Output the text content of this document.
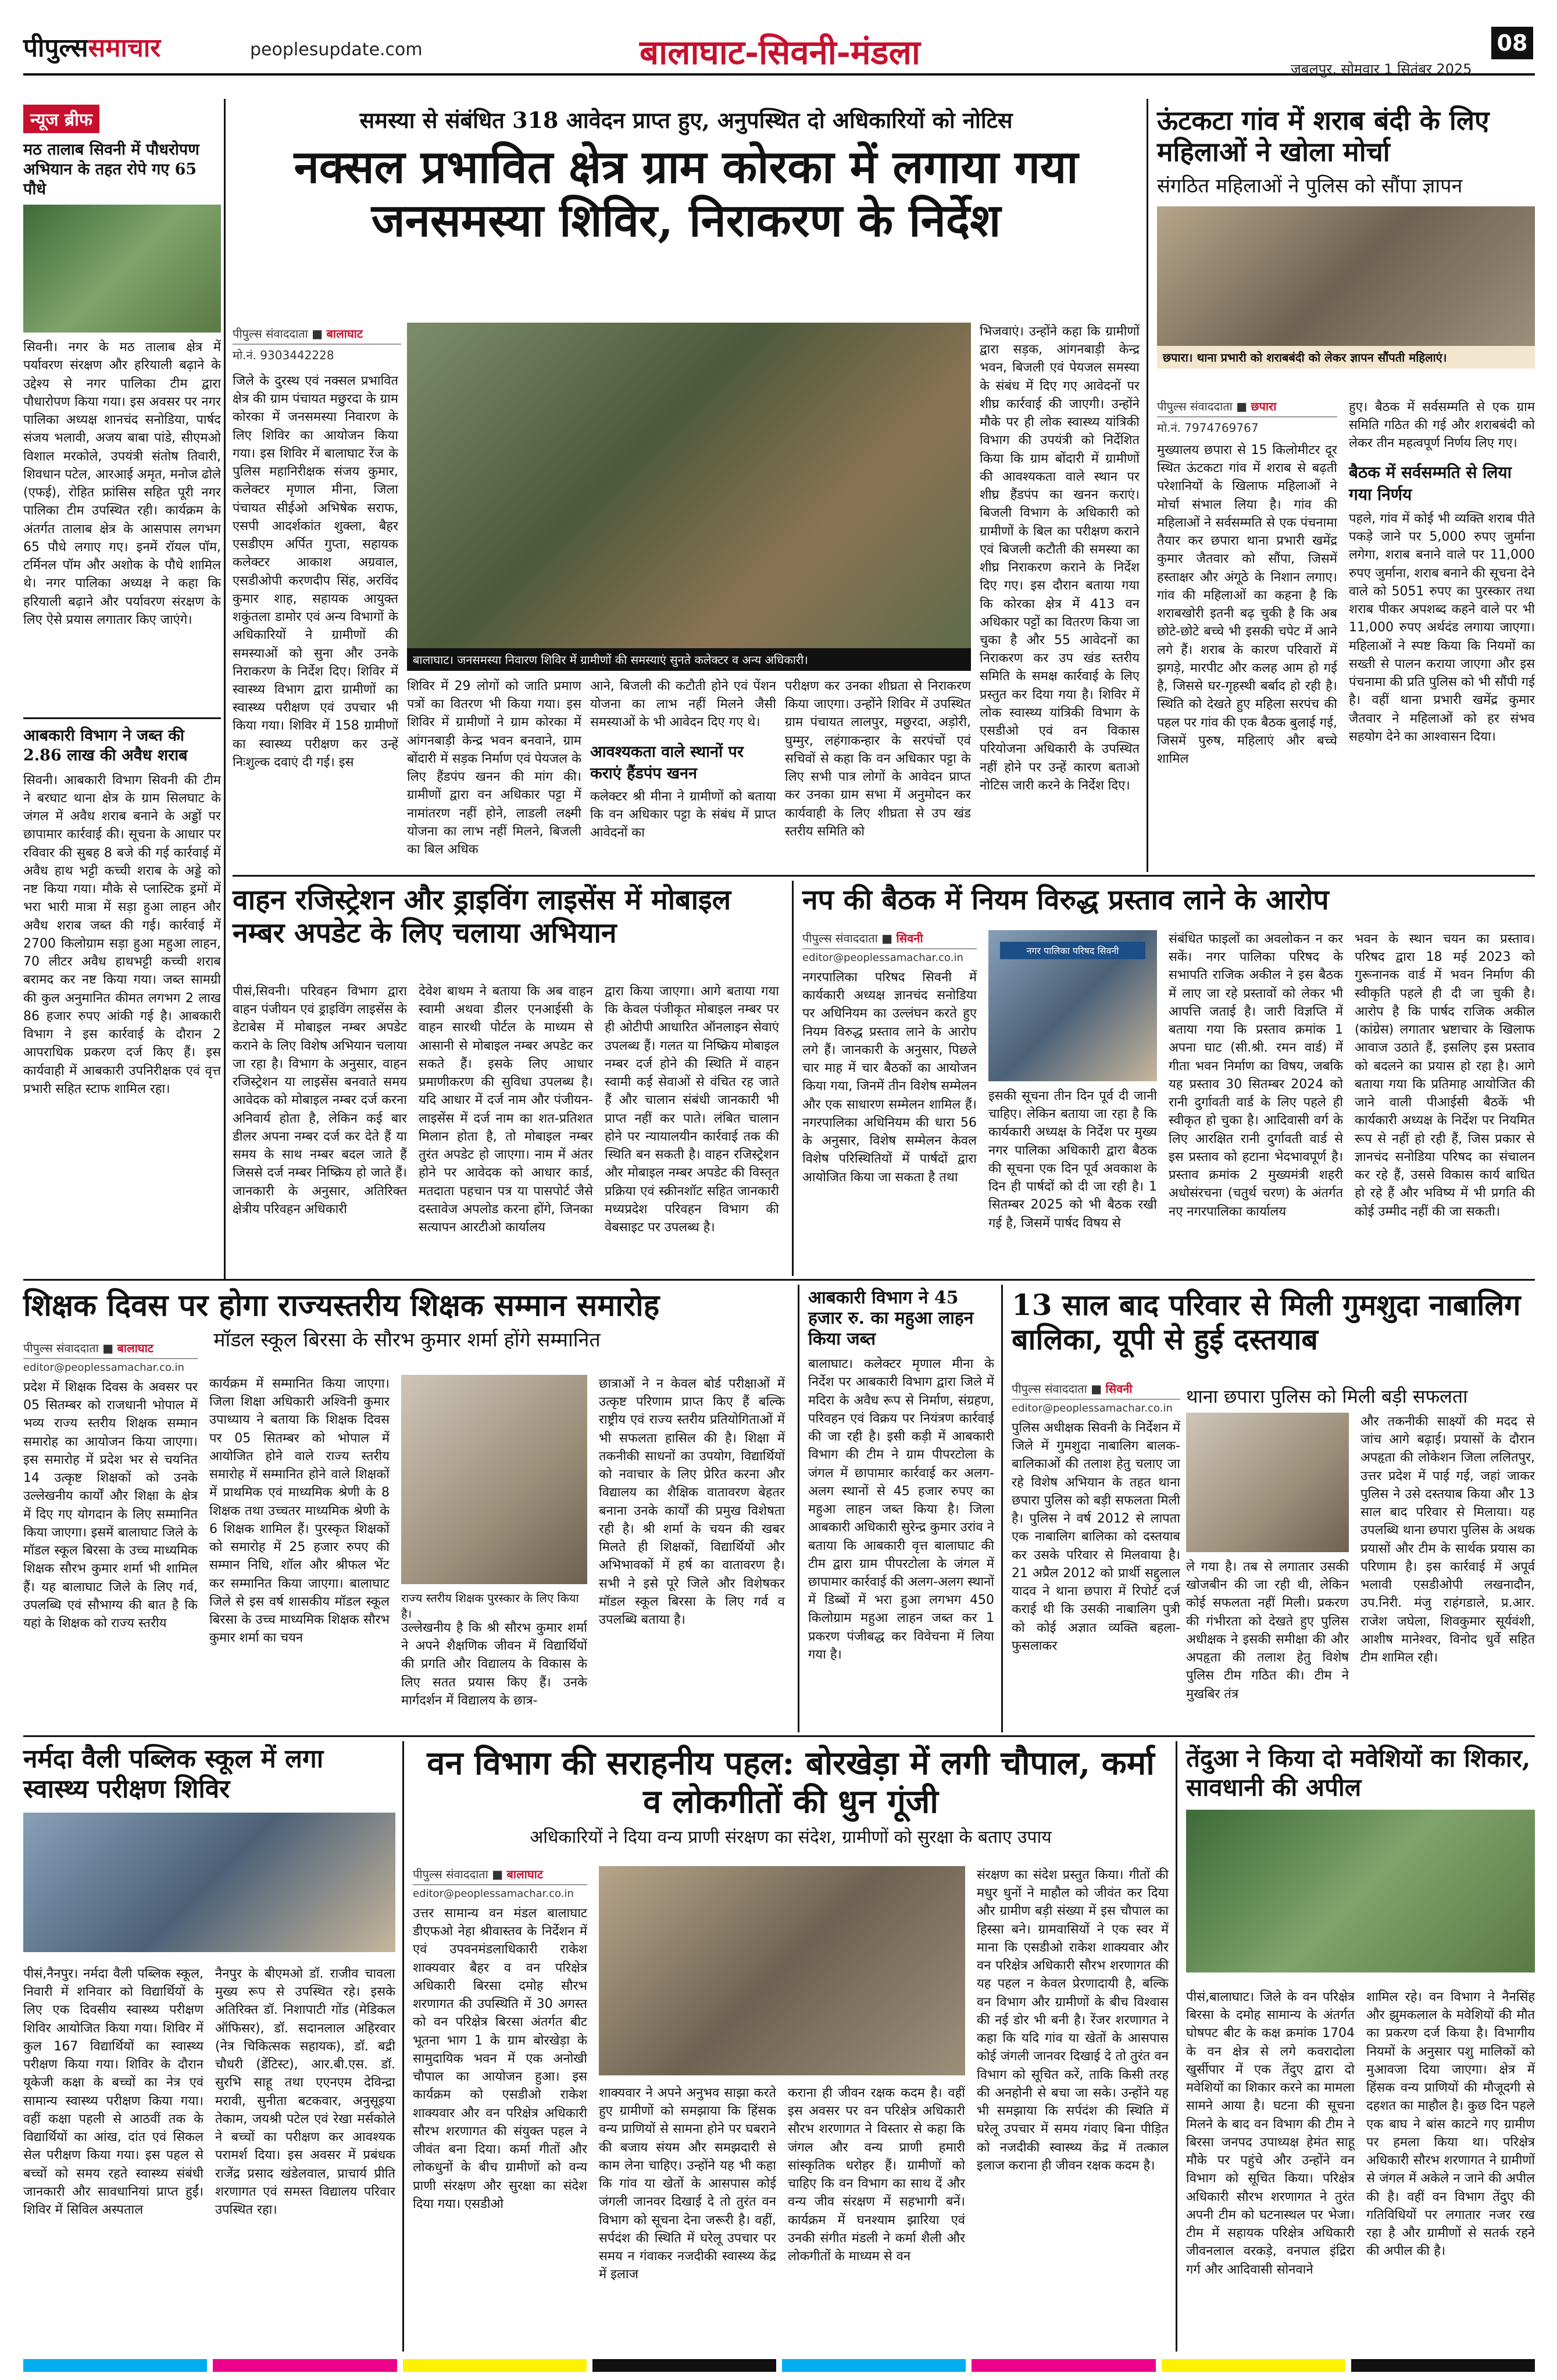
पीपुल्ससमाचार	peoplesupdate.com	बालाघाट-सिवनी-मंडला	जबलपुर, सोमवार 1 सितंबर 2025
08
न्यूज ब्रीफ
मठ तालाब सिवनी में पौधरोपण अभियान के तहत रोपे गए 65 पौधे
सिवनी। नगर के मठ तालाब क्षेत्र में पर्यावरण संरक्षण और हरियाली बढ़ाने के उद्देश्य से नगर पालिका टीम द्वारा पौधारोपण किया गया। इस अवसर पर नगर पालिका अध्यक्ष शानचंद सनोडिया, पार्षद संजय भलावी, अजय बाबा पांडे, सीएमओ विशाल मरकोले, उपयंत्री संतोष तिवारी, शिवधान पटेल, आरआई अमृत, मनोज ढोले (एफई), रोहित फ्रांसिस सहित पूरी नगर पालिका टीम उपस्थित रही। कार्यक्रम के अंतर्गत तालाब क्षेत्र के आसपास लगभग 65 पौधे लगाए गए। इनमें रॉयल पॉम, टर्मिनल पॉम और अशोक के पौधे शामिल थे। नगर पालिका अध्यक्ष ने कहा कि हरियाली बढ़ाने और पर्यावरण संरक्षण के लिए ऐसे प्रयास लगातार किए जाएंगे।
आबकारी विभाग ने जब्त की 2.86 लाख की अवैध शराब
सिवनी। आबकारी विभाग सिवनी की टीम ने बरघाट थाना क्षेत्र के ग्राम सिलघाट के जंगल में अवैध शराब बनाने के अड्डों पर छापामार कार्रवाई की। सूचना के आधार पर रविवार की सुबह 8 बजे की गई कार्रवाई में अवैध हाथ भट्टी कच्ची शराब के अड्डे को नष्ट किया गया। मौके से प्लास्टिक ड्रमों में भरा भारी मात्रा में सड़ा हुआ लाहन और अवैध शराब जब्त की गई। कार्रवाई में 2700 किलोग्राम सड़ा हुआ महुआ लाहन, 70 लीटर अवैध हाथभट्टी कच्ची शराब बरामद कर नष्ट किया गया। जब्त सामग्री की कुल अनुमानित कीमत लगभग 2 लाख 86 हजार रुपए आंकी गई है। आबकारी विभाग ने इस कार्रवाई के दौरान 2 आपराधिक प्रकरण दर्ज किए हैं। इस कार्यवाही में आबकारी उपनिरीक्षक एवं वृत्त प्रभारी सहित स्टाफ शामिल रहा।
समस्या से संबंधित 318 आवेदन प्राप्त हुए, अनुपस्थित दो अधिकारियों को नोटिस
नक्सल प्रभावित क्षेत्र ग्राम कोरका में लगाया गया जनसमस्या शिविर, निराकरण के निर्देश
पीपुल्स संवाददाता ■ बालाघाट
मो.नं. 9303442228
बालाघाट। जनसमस्या निवारण शिविर में ग्रामीणों की समस्याएं सुनते कलेक्टर व अन्य अधिकारी।
जिले के दुरस्थ एवं नक्सल प्रभावित क्षेत्र की ग्राम पंचायत मछुरदा के ग्राम कोरका में जनसमस्या निवारण के लिए शिविर का आयोजन किया गया। इस शिविर में बालाघाट रेंज के पुलिस महानिरीक्षक संजय कुमार, कलेक्टर मृणाल मीना, जिला पंचायत सीईओ अभिषेक सराफ, एसपी आदर्शकांत शुक्ला, बैहर एसडीएम अर्पित गुप्ता, सहायक कलेक्टर आकाश अग्रवाल, एसडीओपी करणदीप सिंह, अरविंद कुमार शाह, सहायक आयुक्त शकुंतला डामोर एवं अन्य विभागों के अधिकारियों ने ग्रामीणों की समस्याओं को सुना और उनके निराकरण के निर्देश दिए। शिविर में स्वास्थ्य विभाग द्वारा ग्रामीणों का स्वास्थ्य परीक्षण एवं उपचार भी किया गया। शिविर में 158 ग्रामीणों का स्वास्थ्य परीक्षण कर उन्हें निःशुल्क दवाएं दी गई। इस
शिविर में 29 लोगों को जाति प्रमाण पत्रों का वितरण भी किया गया। इस शिविर में ग्रामीणों ने ग्राम कोरका में आंगनबाड़ी केन्द्र भवन बनवाने, ग्राम बोंदारी में सड़क निर्माण एवं पेयजल के लिए हैंडपंप खनन की मांग की। ग्रामीणों द्वारा वन अधिकार पट्टा में नामांतरण नहीं होने, लाडली लक्ष्मी योजना का लाभ नहीं मिलने, बिजली का बिल अधिक
आने, बिजली की कटौती होने एवं पेंशन योजना का लाभ नहीं मिलने जैसी समस्याओं के भी आवेदन दिए गए थे।
आवश्यकता वाले स्थानों पर कराएं हैंडपंप खनन
कलेक्टर श्री मीना ने ग्रामीणों को बताया कि वन अधिकार पट्टा के संबंध में प्राप्त आवेदनों का
परीक्षण कर उनका शीघ्रता से निराकरण किया जाएगा। उन्होंने शिविर में उपस्थित ग्राम पंचायत लालपुर, मछुरदा, अड़ोरी, घुम्मुर, लहंगाकन्हार के सरपंचों एवं सचिवों से कहा कि वन अधिकार पट्टा के लिए सभी पात्र लोगों के आवेदन प्राप्त कर उनका ग्राम सभा में अनुमोदन कर कार्यवाही के लिए शीघ्रता से उप खंड स्तरीय समिति को
भिजवाएं। उन्होंने कहा कि ग्रामीणों द्वारा सड़क, आंगनबाड़ी केन्द्र भवन, बिजली एवं पेयजल समस्या के संबंध में दिए गए आवेदनों पर शीघ्र कार्रवाई की जाएगी। उन्होंने मौके पर ही लोक स्वास्थ्य यांत्रिकी विभाग की उपयंत्री को निर्देशित किया कि ग्राम बोंदारी में ग्रामीणों की आवश्यकता वाले स्थान पर शीघ्र हैंडपंप का खनन कराएं। बिजली विभाग के अधिकारी को ग्रामीणों के बिल का परीक्षण कराने एवं बिजली कटौती की समस्या का शीघ्र निराकरण कराने के निर्देश दिए गए। इस दौरान बताया गया कि कोरका क्षेत्र में 413 वन अधिकार पट्टों का वितरण किया जा चुका है और 55 आवेदनों का निराकरण कर उप खंड स्तरीय समिति के समक्ष कार्रवाई के लिए प्रस्तुत कर दिया गया है। शिविर में लोक स्वास्थ्य यांत्रिकी विभाग के एसडीओ एवं वन विकास परियोजना अधिकारी के उपस्थित नहीं होने पर उन्हें कारण बताओ नोटिस जारी करने के निर्देश दिए।
ऊंटकटा गांव में शराब बंदी के लिए महिलाओं ने खोला मोर्चा
संगठित महिलाओं ने पुलिस को सौंपा ज्ञापन
छपारा। थाना प्रभारी को शराबबंदी को लेकर ज्ञापन सौंपती महिलाएं।
पीपुल्स संवाददाता ■ छपारा
मो.नं. 7974769767
मुख्यालय छपारा से 15 किलोमीटर दूर स्थित ऊंटकटा गांव में शराब से बढ़ती परेशानियों के खिलाफ महिलाओं ने मोर्चा संभाल लिया है। गांव की महिलाओं ने सर्वसम्मति से एक पंचनामा तैयार कर छपारा थाना प्रभारी खमेंद्र कुमार जैतवार को सौंपा, जिसमें हस्ताक्षर और अंगूठे के निशान लगाए। गांव की महिलाओं का कहना है कि शराबखोरी इतनी बढ़ चुकी है कि अब छोटे-छोटे बच्चे भी इसकी चपेट में आने लगे हैं। शराब के कारण परिवारों में झगड़े, मारपीट और कलह आम हो गई है, जिससे घर-गृहस्थी बर्बाद हो रही है। स्थिति को देखते हुए महिला सरपंच की पहल पर गांव की एक बैठक बुलाई गई, जिसमें पुरुष, महिलाएं और बच्चे शामिल
हुए। बैठक में सर्वसम्मति से एक ग्राम समिति गठित की गई और शराबबंदी को लेकर तीन महत्वपूर्ण निर्णय लिए गए।
बैठक में सर्वसम्मति से लिया गया निर्णय
पहले, गांव में कोई भी व्यक्ति शराब पीते पकड़े जाने पर 5,000 रुपए जुर्माना लगेगा, शराब बनाने वाले पर 11,000 रुपए जुर्माना, शराब बनाने की सूचना देने वाले को 5051 रुपए का पुरस्कार तथा शराब पीकर अपशब्द कहने वाले पर भी 11,000 रुपए अर्थदंड लगाया जाएगा। महिलाओं ने स्पष्ट किया कि नियमों का सख्ती से पालन कराया जाएगा और इस पंचनामा की प्रति पुलिस को भी सौंपी गई है। वहीं थाना प्रभारी खमेंद्र कुमार जैतवार ने महिलाओं को हर संभव सहयोग देने का आश्वासन दिया।
वाहन रजिस्ट्रेशन और ड्राइविंग लाइसेंस में मोबाइल नम्बर अपडेट के लिए चलाया अभियान
पीसं,सिवनी। परिवहन विभाग द्वारा वाहन पंजीयन एवं ड्राइविंग लाइसेंस के डेटाबेस में मोबाइल नम्बर अपडेट कराने के लिए विशेष अभियान चलाया जा रहा है। विभाग के अनुसार, वाहन रजिस्ट्रेशन या लाइसेंस बनवाते समय आवेदक को मोबाइल नम्बर दर्ज करना अनिवार्य होता है, लेकिन कई बार डीलर अपना नम्बर दर्ज कर देते हैं या समय के साथ नम्बर बदल जाते हैं जिससे दर्ज नम्बर निष्क्रिय हो जाते हैं। जानकारी के अनुसार, अतिरिक्त क्षेत्रीय परिवहन अधिकारी
देवेश बाथम ने बताया कि अब वाहन स्वामी अथवा डीलर एनआईसी के वाहन सारथी पोर्टल के माध्यम से आसानी से मोबाइल नम्बर अपडेट कर सकते हैं। इसके लिए आधार प्रमाणीकरण की सुविधा उपलब्ध है। यदि आधार में दर्ज नाम और पंजीयन-लाइसेंस में दर्ज नाम का शत-प्रतिशत मिलान होता है, तो मोबाइल नम्बर तुरंत अपडेट हो जाएगा। नाम में अंतर होने पर आवेदक को आधार कार्ड, मतदाता पहचान पत्र या पासपोर्ट जैसे दस्तावेज अपलोड करना होंगे, जिनका सत्यापन आरटीओ कार्यालय
द्वारा किया जाएगा। आगे बताया गया कि केवल पंजीकृत मोबाइल नम्बर पर ही ओटीपी आधारित ऑनलाइन सेवाएं उपलब्ध हैं। गलत या निष्क्रिय मोबाइल नम्बर दर्ज होने की स्थिति में वाहन स्वामी कई सेवाओं से वंचित रह जाते हैं और चालान संबंधी जानकारी भी प्राप्त नहीं कर पाते। लंबित चालान होने पर न्यायालयीन कार्रवाई तक की स्थिति बन सकती है। वाहन रजिस्ट्रेशन और मोबाइल नम्बर अपडेट की विस्तृत प्रक्रिया एवं स्क्रीनशॉट सहित जानकारी मध्यप्रदेश परिवहन विभाग की वेबसाइट पर उपलब्ध है।
नप की बैठक में नियम विरुद्ध प्रस्ताव लाने के आरोप
पीपुल्स संवाददाता ■ सिवनी
editor@peoplessamachar.co.in
नगरपालिका परिषद सिवनी में कार्यकारी अध्यक्ष ज्ञानचंद सनोडिया पर अधिनियम का उल्लंघन करते हुए नियम विरुद्ध प्रस्ताव लाने के आरोप लगे हैं। जानकारी के अनुसार, पिछले चार माह में चार बैठकों का आयोजन किया गया, जिनमें तीन विशेष सम्मेलन और एक साधारण सम्मेलन शामिल हैं। नगरपालिका अधिनियम की धारा 56 के अनुसार, विशेष सम्मेलन केवल विशेष परिस्थितियों में पार्षदों द्वारा आयोजित किया जा सकता है तथा
नगर पालिका परिषद सिवनी
इसकी सूचना तीन दिन पूर्व दी जानी चाहिए। लेकिन बताया जा रहा है कि कार्यकारी अध्यक्ष के निर्देश पर मुख्य नगर पालिका अधिकारी द्वारा बैठक की सूचना एक दिन पूर्व अवकाश के दिन ही पार्षदों को दी जा रही है। 1 सितम्बर 2025 को भी बैठक रखी गई है, जिसमें पार्षद विषय से
संबंधित फाइलों का अवलोकन न कर सकें। नगर पालिका परिषद के सभापति राजिक अकील ने इस बैठक में लाए जा रहे प्रस्तावों को लेकर भी आपत्ति जताई है। जारी विज्ञप्ति में बताया गया कि प्रस्ताव क्रमांक 1 अपना घाट (सी.श्री. रमन वार्ड) में गीता भवन निर्माण का विषय, जबकि यह प्रस्ताव 30 सितम्बर 2024 को रानी दुर्गावती वार्ड के लिए पहले ही स्वीकृत हो चुका है। आदिवासी वर्ग के लिए आरक्षित रानी दुर्गावती वार्ड से इस प्रस्ताव को हटाना भेदभावपूर्ण है। प्रस्ताव क्रमांक 2 मुख्यमंत्री शहरी अधोसंरचना (चतुर्थ चरण) के अंतर्गत नए नगरपालिका कार्यालय
भवन के स्थान चयन का प्रस्ताव। परिषद द्वारा 18 मई 2023 को गुरूनानक वार्ड में भवन निर्माण की स्वीकृति पहले ही दी जा चुकी है। आरोप है कि पार्षद राजिक अकील (कांग्रेस) लगातार भ्रष्टाचार के खिलाफ आवाज उठाते हैं, इसलिए इस प्रस्ताव को बदलने का प्रयास हो रहा है। आगे बताया गया कि प्रतिमाह आयोजित की जाने वाली पीआईसी बैठकें भी कार्यकारी अध्यक्ष के निर्देश पर नियमित रूप से नहीं हो रही हैं, जिस प्रकार से ज्ञानचंद सनोडिया परिषद का संचालन कर रहे हैं, उससे विकास कार्य बाधित हो रहे हैं और भविष्य में भी प्रगति की कोई उम्मीद नहीं की जा सकती।
शिक्षक दिवस पर होगा राज्यस्तरीय शिक्षक सम्मान समारोह
मॉडल स्कूल बिरसा के सौरभ कुमार शर्मा होंगे सम्मानित
पीपुल्स संवाददाता ■ बालाघाट
editor@peoplessamachar.co.in
प्रदेश में शिक्षक दिवस के अवसर पर 05 सितम्बर को राजधानी भोपाल में भव्य राज्य स्तरीय शिक्षक सम्मान समारोह का आयोजन किया जाएगा। इस समारोह में प्रदेश भर से चयनित 14 उत्कृष्ट शिक्षकों को उनके उल्लेखनीय कार्यों और शिक्षा के क्षेत्र में दिए गए योगदान के लिए सम्मानित किया जाएगा। इसमें बालाघाट जिले के मॉडल स्कूल बिरसा के उच्च माध्यमिक शिक्षक सौरभ कुमार शर्मा भी शामिल हैं। यह बालाघाट जिले के लिए गर्व, उपलब्धि एवं सौभाग्य की बात है कि यहां के शिक्षक को राज्य स्तरीय
कार्यक्रम में सम्मानित किया जाएगा। जिला शिक्षा अधिकारी अश्विनी कुमार उपाध्याय ने बताया कि शिक्षक दिवस पर 05 सितम्बर को भोपाल में आयोजित होने वाले राज्य स्तरीय समारोह में सम्मानित होने वाले शिक्षकों में प्राथमिक एवं माध्यमिक श्रेणी के 8 शिक्षक तथा उच्चतर माध्यमिक श्रेणी के 6 शिक्षक शामिल हैं। पुरस्कृत शिक्षकों को समारोह में 25 हजार रुपए की सम्मान निधि, शॉल और श्रीफल भेंट कर सम्मानित किया जाएगा। बालाघाट जिले से इस वर्ष शासकीय मॉडल स्कूल बिरसा के उच्च माध्यमिक शिक्षक सौरभ कुमार शर्मा का चयन
राज्य स्तरीय शिक्षक पुरस्कार के लिए किया है।
उल्लेखनीय है कि श्री सौरभ कुमार शर्मा ने अपने शैक्षणिक जीवन में विद्यार्थियों की प्रगति और विद्यालय के विकास के लिए सतत प्रयास किए हैं। उनके मार्गदर्शन में विद्यालय के छात्र-
छात्राओं ने न केवल बोर्ड परीक्षाओं में उत्कृष्ट परिणाम प्राप्त किए हैं बल्कि राष्ट्रीय एवं राज्य स्तरीय प्रतियोगिताओं में भी सफलता हासिल की है। शिक्षा में तकनीकी साधनों का उपयोग, विद्यार्थियों को नवाचार के लिए प्रेरित करना और विद्यालय का शैक्षिक वातावरण बेहतर बनाना उनके कार्यों की प्रमुख विशेषता रही है। श्री शर्मा के चयन की खबर मिलते ही शिक्षकों, विद्यार्थियों और अभिभावकों में हर्ष का वातावरण है। सभी ने इसे पूरे जिले और विशेषकर मॉडल स्कूल बिरसा के लिए गर्व व उपलब्धि बताया है।
आबकारी विभाग ने 45 हजार रु. का महुआ लाहन किया जब्त
बालाघाट। कलेक्टर मृणाल मीना के निर्देश पर आबकारी विभाग द्वारा जिले में मदिरा के अवैध रूप से निर्माण, संग्रहण, परिवहन एवं विक्रय पर नियंत्रण कार्रवाई की जा रही है। इसी कड़ी में आबकारी विभाग की टीम ने ग्राम पीपरटोला के जंगल में छापामार कार्रवाई कर अलग-अलग स्थानों से 45 हजार रुपए का महुआ लाहन जब्त किया है। जिला आबकारी अधिकारी सुरेन्द्र कुमार उरांव ने बताया कि आबकारी वृत्त बालाघाट की टीम द्वारा ग्राम पीपरटोला के जंगल में छापामार कार्रवाई की अलग-अलग स्थानों में डिब्बों में भरा हुआ लगभग 450 किलोग्राम महुआ लाहन जब्त कर 1 प्रकरण पंजीबद्ध कर विवेचना में लिया गया है।
13 साल बाद परिवार से मिली गुमशुदा नाबालिग बालिका, यूपी से हुई दस्तयाब
पीपुल्स संवाददाता ■ सिवनी
editor@peoplessamachar.co.in
पुलिस अधीक्षक सिवनी के निर्देशन में जिले में गुमशुदा नाबालिग बालक-बालिकाओं की तलाश हेतु चलाए जा रहे विशेष अभियान के तहत थाना छपारा पुलिस को बड़ी सफलता मिली है। पुलिस ने वर्ष 2012 से लापता एक नाबालिग बालिका को दस्तयाब कर उसके परिवार से मिलवाया है। 21 अप्रैल 2012 को प्रार्थी सद्दुलाल यादव ने थाना छपारा में रिपोर्ट दर्ज कराई थी कि उसकी नाबालिग पुत्री को कोई अज्ञात व्यक्ति बहला-फुसलाकर
थाना छपारा पुलिस को मिली बड़ी सफलता
ले गया है। तब से लगातार उसकी खोजबीन की जा रही थी, लेकिन कोई सफलता नहीं मिली। प्रकरण की गंभीरता को देखते हुए पुलिस अधीक्षक ने इसकी समीक्षा की और अपहृता की तलाश हेतु विशेष पुलिस टीम गठित की। टीम ने मुखबिर तंत्र
और तकनीकी साक्ष्यों की मदद से जांच आगे बढ़ाई। प्रयासों के दौरान अपहृता की लोकेशन जिला ललितपुर, उत्तर प्रदेश में पाई गई, जहां जाकर पुलिस ने उसे दस्तयाब किया और 13 साल बाद परिवार से मिलाया। यह उपलब्धि थाना छपारा पुलिस के अथक प्रयासों और टीम के सार्थक प्रयास का परिणाम है। इस कार्रवाई में अपूर्व भलावी एसडीओपी लखनादौन, उप.निरी. मंजु राहंगडाले, प्र.आर. राजेश जघेला, शिवकुमार सूर्यवंशी, आशीष मानेश्वर, विनोद धुर्वे सहित टीम शामिल रही।
नर्मदा वैली पब्लिक स्कूल में लगा स्वास्थ्य परीक्षण शिविर
पीसं,नैनपुर। नर्मदा वैली पब्लिक स्कूल, निवारी में शनिवार को विद्यार्थियों के लिए एक दिवसीय स्वास्थ्य परीक्षण शिविर आयोजित किया गया। शिविर में कुल 167 विद्यार्थियों का स्वास्थ्य परीक्षण किया गया। शिविर के दौरान यूकेजी कक्षा के बच्चों का नेत्र एवं सामान्य स्वास्थ्य परीक्षण किया गया। वहीं कक्षा पहली से आठवीं तक के विद्यार्थियों का आंख, दांत एवं सिकल सेल परीक्षण किया गया। इस पहल से बच्चों को समय रहते स्वास्थ्य संबंधी जानकारी और सावधानियां प्राप्त हुईं। शिविर में सिविल अस्पताल
नैनपुर के बीएमओ डॉ. राजीव चावला मुख्य रूप से उपस्थित रहे। इसके अतिरिक्त डॉ. निशापाटी गोंड (मेडिकल ऑफिसर), डॉ. सदानलाल अहिरवार (नेत्र चिकित्सक सहायक), डॉ. बद्री चौधरी (डेंटिस्ट), आर.बी.एस. डॉ. सुरभि साहू तथा एएनएम देविन्द्रा मरावी, सुनीता बटकवार, अनुसूइया तेकाम, जयश्री पटेल एवं रेखा मर्सकोले ने बच्चों का परीक्षण कर आवश्यक परामर्श दिया। इस अवसर में प्रबंधक राजेंद्र प्रसाद खंडेलवाल, प्राचार्य प्रीति शरणागत एवं समस्त विद्यालय परिवार उपस्थित रहा।
वन विभाग की सराहनीय पहल: बोरखेड़ा में लगी चौपाल, कर्मा व लोकगीतों की धुन गूंजी
अधिकारियों ने दिया वन्य प्राणी संरक्षण का संदेश, ग्रामीणों को सुरक्षा के बताए उपाय
पीपुल्स संवाददाता ■ बालाघाट
editor@peoplessamachar.co.in
उत्तर सामान्य वन मंडल बालाघाट डीएफओ नेहा श्रीवास्तव के निर्देशन में एवं उपवनमंडलाधिकारी राकेश शाक्यवार बैहर व वन परिक्षेत्र अधिकारी बिरसा दमोह सौरभ शरणागत की उपस्थिति में 30 अगस्त को वन परिक्षेत्र बिरसा अंतर्गत बीट भूतना भाग 1 के ग्राम बोरखेड़ा के सामुदायिक भवन में एक अनोखी चौपाल का आयोजन हुआ। इस कार्यक्रम को एसडीओ राकेश शाक्यवार और वन परिक्षेत्र अधिकारी सौरभ शरणागत की संयुक्त पहल ने जीवंत बना दिया। कर्मा गीतों और लोकधुनों के बीच ग्रामीणों को वन्य प्राणी संरक्षण और सुरक्षा का संदेश दिया गया। एसडीओ
शाक्यवार ने अपने अनुभव साझा करते हुए ग्रामीणों को समझाया कि हिंसक वन्य प्राणियों से सामना होने पर घबराने की बजाय संयम और समझदारी से काम लेना चाहिए। उन्होंने यह भी कहा कि गांव या खेतों के आसपास कोई जंगली जानवर दिखाई दे तो तुरंत वन विभाग को सूचना देना जरूरी है। वहीं, सर्पदंश की स्थिति में घरेलू उपचार पर समय न गंवाकर नजदीकी स्वास्थ्य केंद्र में इलाज
कराना ही जीवन रक्षक कदम है। वहीं इस अवसर पर वन परिक्षेत्र अधिकारी सौरभ शरणागत ने विस्तार से कहा कि जंगल और वन्य प्राणी हमारी सांस्कृतिक धरोहर हैं। ग्रामीणों को चाहिए कि वन विभाग का साथ दें और वन्य जीव संरक्षण में सहभागी बनें। कार्यक्रम में घनश्याम झारिया एवं उनकी संगीत मंडली ने कर्मा शैली और लोकगीतों के माध्यम से वन
संरक्षण का संदेश प्रस्तुत किया। गीतों की मधुर धुनों ने माहौल को जीवंत कर दिया और ग्रामीण बड़ी संख्या में इस चौपाल का हिस्सा बने। ग्रामवासियों ने एक स्वर में माना कि एसडीओ राकेश शाक्यवार और वन परिक्षेत्र अधिकारी सौरभ शरणागत की यह पहल न केवल प्रेरणादायी है, बल्कि वन विभाग और ग्रामीणों के बीच विश्वास की नई डोर भी बनी है। रेंजर शरणागत ने कहा कि यदि गांव या खेतों के आसपास कोई जंगली जानवर दिखाई दे तो तुरंत वन विभाग को सूचित करें, ताकि किसी तरह की अनहोनी से बचा जा सके। उन्होंने यह भी समझाया कि सर्पदंश की स्थिति में घरेलू उपचार में समय गंवाए बिना पीड़ित को नजदीकी स्वास्थ्य केंद्र में तत्काल इलाज कराना ही जीवन रक्षक कदम है।
तेंदुआ ने किया दो मवेशियों का शिकार, सावधानी की अपील
पीसं,बालाघाट। जिले के वन परिक्षेत्र बिरसा के दमोह सामान्य के अंतर्गत घोषपट बीट के कक्ष क्रमांक 1704 के वन क्षेत्र से लगे कवरादोला खुर्सीपार में एक तेंदुए द्वारा दो मवेशियों का शिकार करने का मामला सामने आया है। घटना की सूचना मिलने के बाद वन विभाग की टीम ने बिरसा जनपद उपाध्यक्ष हेमंत साहू मौके पर पहुंचे और उन्होंने वन विभाग को सूचित किया। परिक्षेत्र अधिकारी सौरभ शरणागत ने तुरंत अपनी टीम को घटनास्थल पर भेजा। टीम में सहायक परिक्षेत्र अधिकारी जीवनलाल वरकड़े, वनपाल इंद्रिरा गर्ग और आदिवासी सोनवाने
शामिल रहे। वन विभाग ने नैनसिंह और झुमकलाल के मवेशियों की मौत का प्रकरण दर्ज किया है। विभागीय नियमों के अनुसार पशु मालिकों को मुआवजा दिया जाएगा। क्षेत्र में हिंसक वन्य प्राणियों की मौजूदगी से दहशत का माहौल है। कुछ दिन पहले एक बाघ ने बांस काटने गए ग्रामीण पर हमला किया था। परिक्षेत्र अधिकारी सौरभ शरणागत ने ग्रामीणों से जंगल में अकेले न जाने की अपील की है। वहीं वन विभाग तेंदुए की गतिविधियों पर लगातार नजर रख रहा है और ग्रामीणों से सतर्क रहने की अपील की है।
